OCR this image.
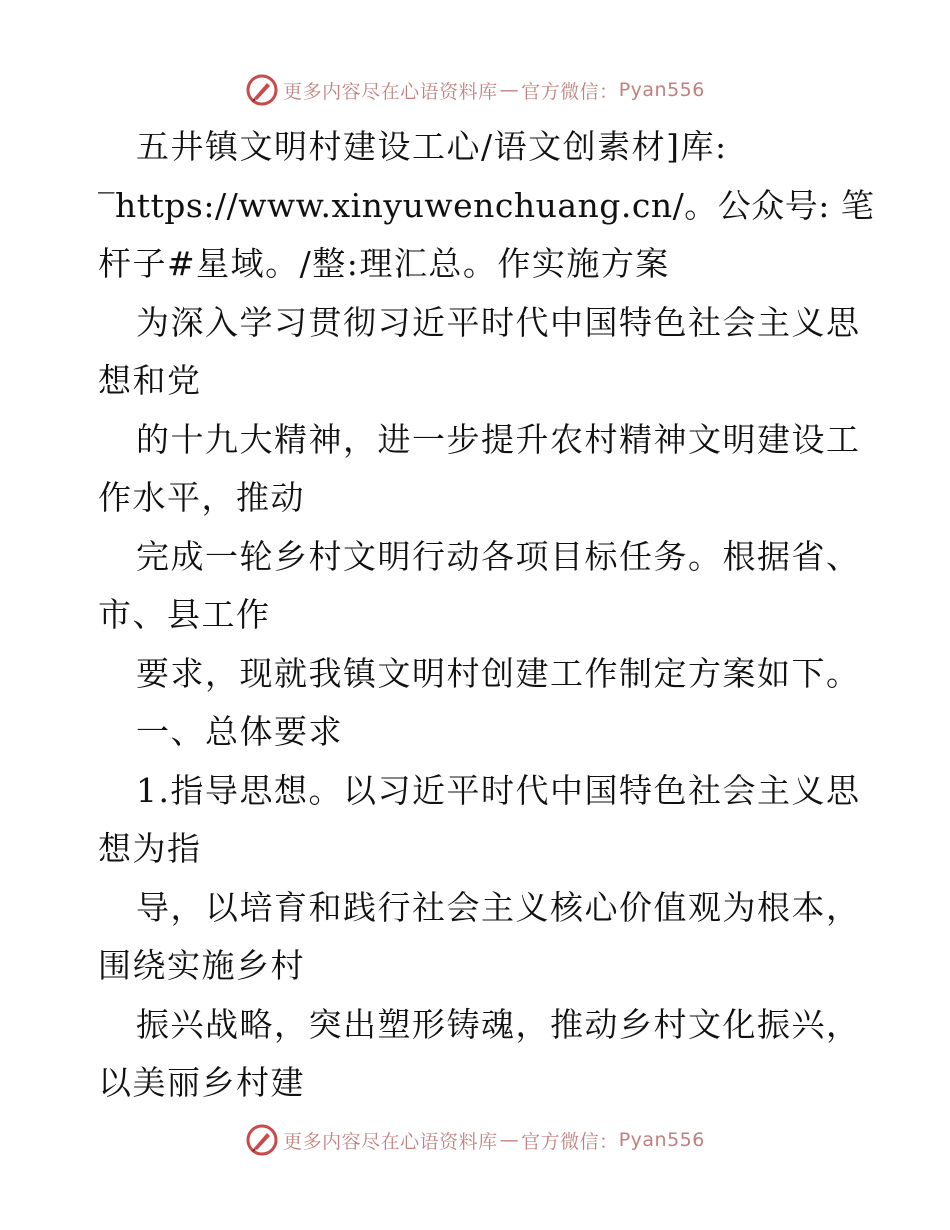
更多内容尽在心语资料库 — 官方微信： Pyan556
五井镇文明村建设工心/语文创素材]库:
‾https://www.xinyuwenchuang.cn/。公众号: 笔
杆子#星域。/整:理汇总。作实施方案
为深入学习贯彻习近平时代中国特色社会主义思
想和党
的十九大精神，进一步提升农村精神文明建设工
作水平，推动
完成一轮乡村文明行动各项目标任务。根据省、
市、县工作
要求，现就我镇文明村创建工作制定方案如下。
一、总体要求
1.指导思想。以习近平时代中国特色社会主义思
想为指
导，以培育和践行社会主义核心价值观为根本，
围绕实施乡村
振兴战略，突出塑形铸魂，推动乡村文化振兴，
以美丽乡村建
更多内容尽在心语资料库 — 官方微信： Pyan556
